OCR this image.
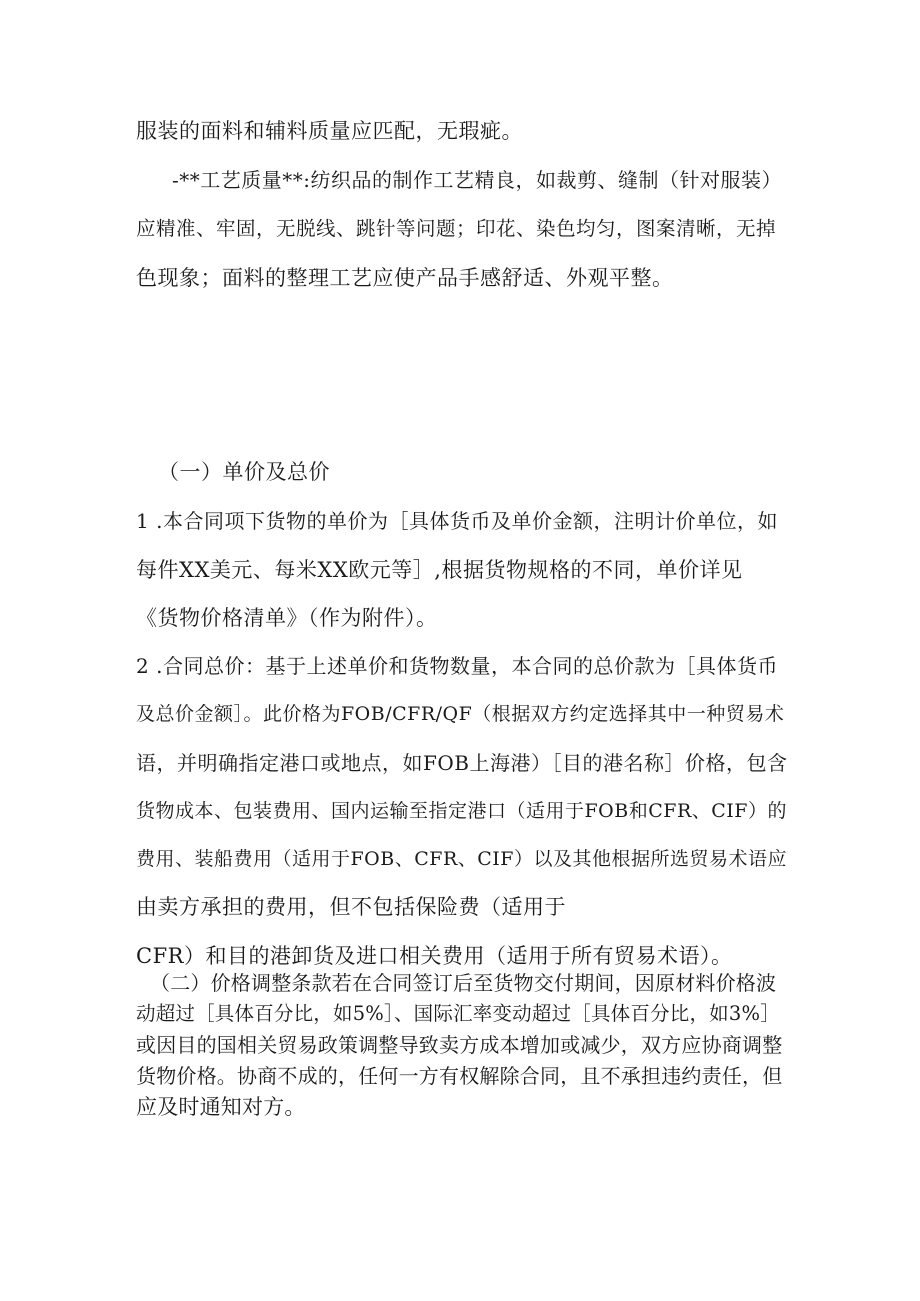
服装的面料和辅料质量应匹配，无瑕疵。
-**工艺质量**:纺织品的制作工艺精良，如裁剪、缝制（针对服装）
应精准、牢固，无脱线、跳针等问题；印花、染色均匀，图案清晰，无掉
色现象；面料的整理工艺应使产品手感舒适、外观平整。
（一）单价及总价
1 .本合同项下货物的单价为［具体货币及单价金额，注明计价单位，如
每件XX美元、每米XX欧元等］,根据货物规格的不同，单价详见
《货物价格清单》（作为附件）。
2 .合同总价：基于上述单价和货物数量，本合同的总价款为［具体货币
及总价金额］。此价格为FOB/CFR/QF（根据双方约定选择其中一种贸易术
语，并明确指定港口或地点，如FOB上海港）［目的港名称］价格，包含
货物成本、包装费用、国内运输至指定港口（适用于FOB和CFR、CIF）的
费用、装船费用（适用于FOB、CFR、CIF）以及其他根据所选贸易术语应
由卖方承担的费用，但不包括保险费（适用于
CFR）和目的港卸货及进口相关费用（适用于所有贸易术语）。
（二）价格调整条款若在合同签订后至货物交付期间，因原材料价格波
动超过［具体百分比，如5%］、国际汇率变动超过［具体百分比，如3%］
或因目的国相关贸易政策调整导致卖方成本增加或减少，双方应协商调整
货物价格。协商不成的，任何一方有权解除合同，且不承担违约责任，但
应及时通知对方。
